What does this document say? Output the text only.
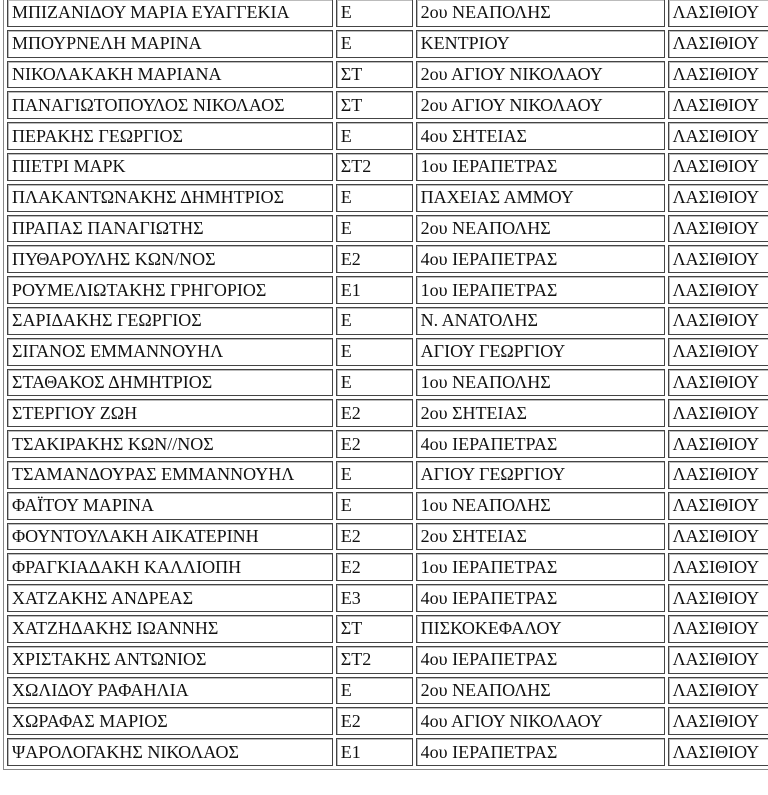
ΜΠΙΖΑΝΙΔΟΥ ΜΑΡΙΑ ΕΥΑΓΓΕΚΙΑ	Ε	2ου ΝΕΑΠΟΛΗΣ	ΛΑΣΙΘΙΟΥ
ΜΠΟΥΡΝΕΛΗ ΜΑΡΙΝΑ	Ε	ΚΕΝΤΡΙΟΥ	ΛΑΣΙΘΙΟΥ
ΝΙΚΟΛΑΚΑΚΗ ΜΑΡΙΑΝΑ	ΣΤ	2ου ΑΓΙΟΥ ΝΙΚΟΛΑΟΥ	ΛΑΣΙΘΙΟΥ
ΠΑΝΑΓΙΩΤΟΠΟΥΛΟΣ ΝΙΚΟΛΑΟΣ	ΣΤ	2ου ΑΓΙΟΥ ΝΙΚΟΛΑΟΥ	ΛΑΣΙΘΙΟΥ
ΠΕΡΑΚΗΣ ΓΕΩΡΓΙΟΣ	Ε	4ου ΣΗΤΕΙΑΣ	ΛΑΣΙΘΙΟΥ
ΠΙΕΤΡΙ ΜΑΡΚ	ΣΤ2	1ου ΙΕΡΑΠΕΤΡΑΣ	ΛΑΣΙΘΙΟΥ
ΠΛΑΚΑΝΤΩΝΑΚΗΣ ΔΗΜΗΤΡΙΟΣ	Ε	ΠΑΧΕΙΑΣ ΑΜΜΟΥ	ΛΑΣΙΘΙΟΥ
ΠΡΑΠΑΣ ΠΑΝΑΓΙΩΤΗΣ	Ε	2ου ΝΕΑΠΟΛΗΣ	ΛΑΣΙΘΙΟΥ
ΠΥΘΑΡΟΥΛΗΣ ΚΩΝ/ΝΟΣ	Ε2	4ου ΙΕΡΑΠΕΤΡΑΣ	ΛΑΣΙΘΙΟΥ
ΡΟΥΜΕΛΙΩΤΑΚΗΣ ΓΡΗΓΟΡΙΟΣ	Ε1	1ου ΙΕΡΑΠΕΤΡΑΣ	ΛΑΣΙΘΙΟΥ
ΣΑΡΙΔΑΚΗΣ ΓΕΩΡΓΙΟΣ	Ε	Ν. ΑΝΑΤΟΛΗΣ	ΛΑΣΙΘΙΟΥ
ΣΙΓΑΝΟΣ ΕΜΜΑΝΝΟΥΗΛ	Ε	ΑΓΙΟΥ ΓΕΩΡΓΙΟΥ	ΛΑΣΙΘΙΟΥ
ΣΤΑΘΑΚΟΣ ΔΗΜΗΤΡΙΟΣ	Ε	1ου ΝΕΑΠΟΛΗΣ	ΛΑΣΙΘΙΟΥ
ΣΤΕΡΓΙΟΥ ΖΩΗ	Ε2	2ου ΣΗΤΕΙΑΣ	ΛΑΣΙΘΙΟΥ
ΤΣΑΚΙΡΑΚΗΣ ΚΩΝ//ΝΟΣ	Ε2	4ου ΙΕΡΑΠΕΤΡΑΣ	ΛΑΣΙΘΙΟΥ
ΤΣΑΜΑΝΔΟΥΡΑΣ ΕΜΜΑΝΝΟΥΗΛ	Ε	ΑΓΙΟΥ ΓΕΩΡΓΙΟΥ	ΛΑΣΙΘΙΟΥ
ΦΑΪΤΟΥ ΜΑΡΙΝΑ	Ε	1ου ΝΕΑΠΟΛΗΣ	ΛΑΣΙΘΙΟΥ
ΦΟΥΝΤΟΥΛΑΚΗ ΑΙΚΑΤΕΡΙΝΗ	Ε2	2ου ΣΗΤΕΙΑΣ	ΛΑΣΙΘΙΟΥ
ΦΡΑΓΚΙΑΔΑΚΗ ΚΑΛΛΙΟΠΗ	Ε2	1ου ΙΕΡΑΠΕΤΡΑΣ	ΛΑΣΙΘΙΟΥ
ΧΑΤΖΑΚΗΣ ΑΝΔΡΕΑΣ	Ε3	4ου ΙΕΡΑΠΕΤΡΑΣ	ΛΑΣΙΘΙΟΥ
ΧΑΤΖΗΔΑΚΗΣ ΙΩΑΝΝΗΣ	ΣΤ	ΠΙΣΚΟΚΕΦΑΛΟΥ	ΛΑΣΙΘΙΟΥ
ΧΡΙΣΤΑΚΗΣ ΑΝΤΩΝΙΟΣ	ΣΤ2	4ου ΙΕΡΑΠΕΤΡΑΣ	ΛΑΣΙΘΙΟΥ
ΧΩΛΙΔΟΥ ΡΑΦΑΗΛΙΑ	Ε	2ου ΝΕΑΠΟΛΗΣ	ΛΑΣΙΘΙΟΥ
ΧΩΡΑΦΑΣ ΜΑΡΙΟΣ	Ε2	4ου ΑΓΙΟΥ ΝΙΚΟΛΑΟΥ	ΛΑΣΙΘΙΟΥ
ΨΑΡΟΛΟΓΑΚΗΣ ΝΙΚΟΛΑΟΣ	Ε1	4ου ΙΕΡΑΠΕΤΡΑΣ	ΛΑΣΙΘΙΟΥ
